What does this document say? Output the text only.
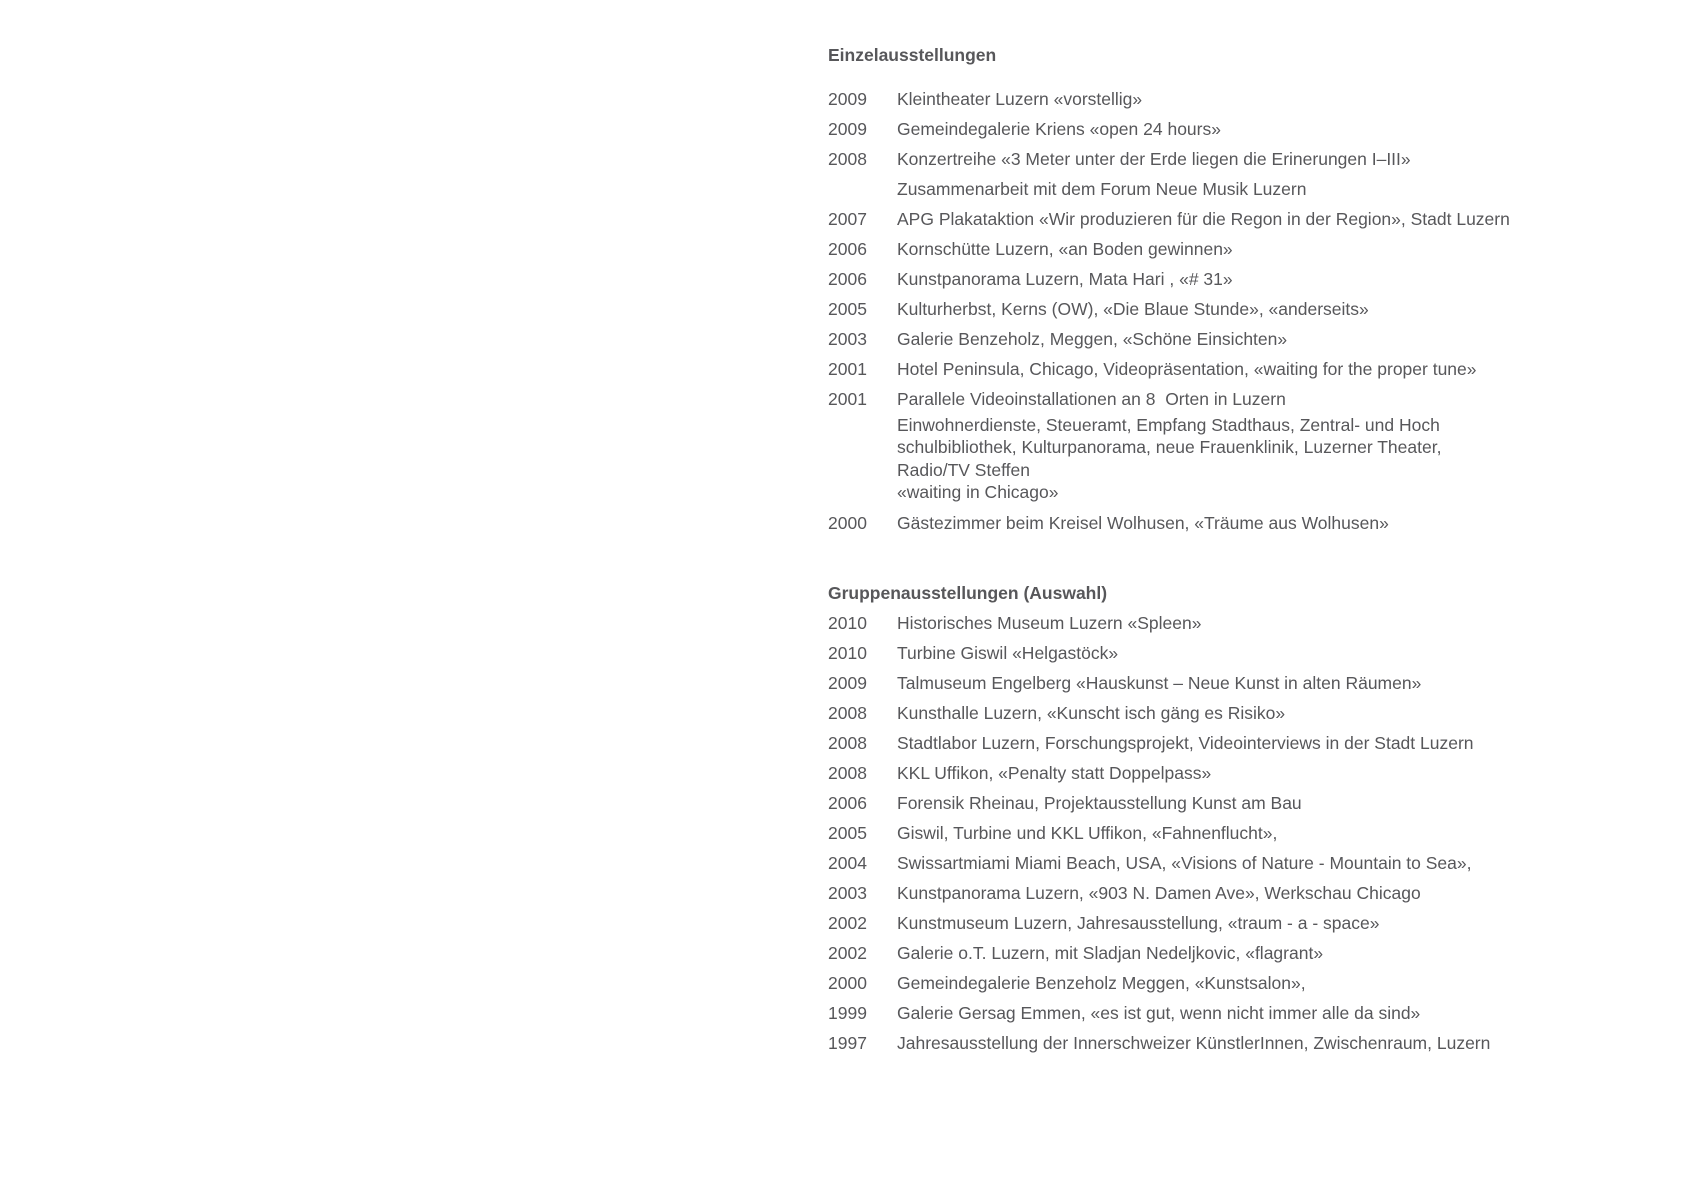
Einzelausstellungen
2009	Kleintheater Luzern «vorstellig»
2009	Gemeindegalerie Kriens «open 24 hours»
2008	Konzertreihe «3 Meter unter der Erde liegen die Erinerungen I–III»
Zusammenarbeit mit dem Forum Neue Musik Luzern
2007	APG Plakataktion «Wir produzieren für die Regon in der Region», Stadt Luzern
2006	Kornschütte Luzern, «an Boden gewinnen»
2006	Kunstpanorama Luzern, Mata Hari , «# 31»
2005	Kulturherbst, Kerns (OW), «Die Blaue Stunde», «anderseits»
2003	Galerie Benzeholz, Meggen, «Schöne Einsichten»
2001	Hotel Peninsula, Chicago, Videopräsentation, «waiting for the proper tune»
2001	Parallele Videoinstallationen an 8  Orten in Luzern
Einwohnerdienste, Steueramt, Empfang Stadthaus, Zentral- und Hoch
schulbibliothek, Kulturpanorama, neue Frauenklinik, Luzerner Theater,
Radio/TV Steffen
«waiting in Chicago»
2000	Gästezimmer beim Kreisel Wolhusen, «Träume aus Wolhusen»
Gruppenausstellungen (Auswahl)
2010	Historisches Museum Luzern «Spleen»
2010	Turbine Giswil «Helgastöck»
2009	Talmuseum Engelberg «Hauskunst – Neue Kunst in alten Räumen»
2008	Kunsthalle Luzern, «Kunscht isch gäng es Risiko»
2008	Stadtlabor Luzern, Forschungsprojekt, Videointerviews in der Stadt Luzern
2008	KKL Uffikon, «Penalty statt Doppelpass»
2006	Forensik Rheinau, Projektausstellung Kunst am Bau
2005	Giswil, Turbine und KKL Uffikon, «Fahnenflucht»,
2004	Swissartmiami Miami Beach, USA, «Visions of Nature - Mountain to Sea»,
2003	Kunstpanorama Luzern, «903 N. Damen Ave», Werkschau Chicago
2002	Kunstmuseum Luzern, Jahresausstellung, «traum - a - space»
2002	Galerie o.T. Luzern, mit Sladjan Nedeljkovic, «flagrant»
2000	Gemeindegalerie Benzeholz Meggen, «Kunstsalon»,
1999	Galerie Gersag Emmen, «es ist gut, wenn nicht immer alle da sind»
1997	Jahresausstellung der Innerschweizer KünstlerInnen, Zwischenraum, Luzern
